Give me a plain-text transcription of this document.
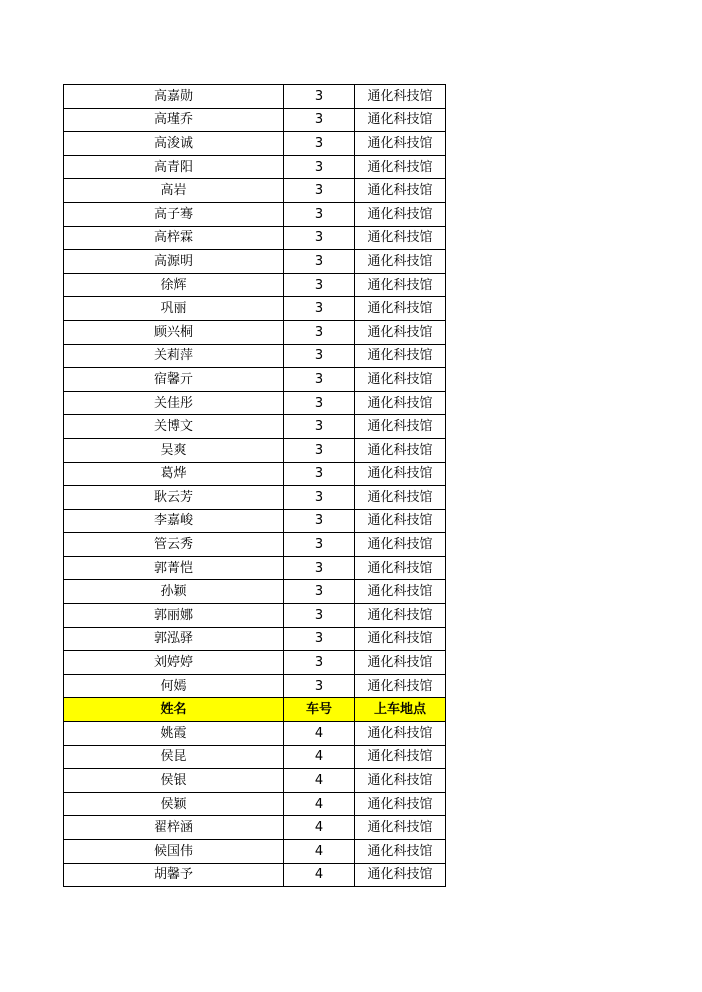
高嘉勋	3	通化科技馆
高瑾乔	3	通化科技馆
高浚诚	3	通化科技馆
高青阳	3	通化科技馆
高岩	3	通化科技馆
高子骞	3	通化科技馆
高梓霖	3	通化科技馆
高源明	3	通化科技馆
徐辉	3	通化科技馆
巩丽	3	通化科技馆
顾兴桐	3	通化科技馆
关莉萍	3	通化科技馆
宿馨亓	3	通化科技馆
关佳彤	3	通化科技馆
关博文	3	通化科技馆
吴爽	3	通化科技馆
葛烨	3	通化科技馆
耿云芳	3	通化科技馆
李嘉峻	3	通化科技馆
管云秀	3	通化科技馆
郭菁恺	3	通化科技馆
孙颖	3	通化科技馆
郭丽娜	3	通化科技馆
郭泓驿	3	通化科技馆
刘婷婷	3	通化科技馆
何嫣	3	通化科技馆
姓名	车号	上车地点
姚霞	4	通化科技馆
侯昆	4	通化科技馆
侯银	4	通化科技馆
侯颖	4	通化科技馆
翟梓涵	4	通化科技馆
候国伟	4	通化科技馆
胡馨予	4	通化科技馆
